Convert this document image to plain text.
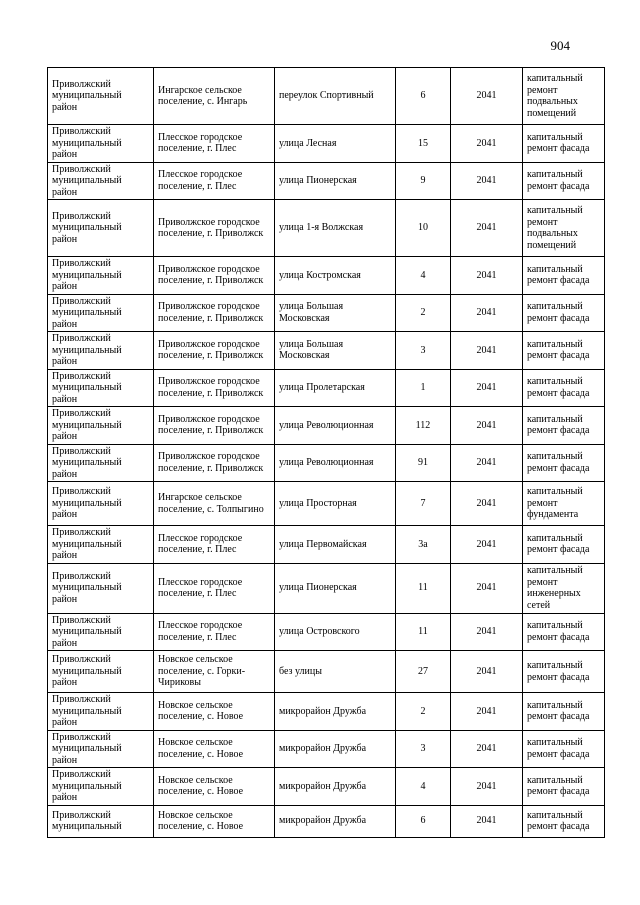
904
Приволжский муниципальный район	Ингарское сельское поселение, с. Ингарь	переулок Спортивный	6	2041	капитальный ремонт подвальных помещений
Приволжский муниципальный район	Плесское городское поселение, г. Плес	улица Лесная	15	2041	капитальный ремонт фасада
Приволжский муниципальный район	Плесское городское поселение, г. Плес	улица Пионерская	9	2041	капитальный ремонт фасада
Приволжский муниципальный район	Приволжское городское поселение, г. Приволжск	улица 1-я Волжская	10	2041	капитальный ремонт подвальных помещений
Приволжский муниципальный район	Приволжское городское поселение, г. Приволжск	улица Костромская	4	2041	капитальный ремонт фасада
Приволжский муниципальный район	Приволжское городское поселение, г. Приволжск	улица Большая Московская	2	2041	капитальный ремонт фасада
Приволжский муниципальный район	Приволжское городское поселение, г. Приволжск	улица Большая Московская	3	2041	капитальный ремонт фасада
Приволжский муниципальный район	Приволжское городское поселение, г. Приволжск	улица Пролетарская	1	2041	капитальный ремонт фасада
Приволжский муниципальный район	Приволжское городское поселение, г. Приволжск	улица Революционная	112	2041	капитальный ремонт фасада
Приволжский муниципальный район	Приволжское городское поселение, г. Приволжск	улица Революционная	91	2041	капитальный ремонт фасада
Приволжский муниципальный район	Ингарское сельское поселение, с. Толпыгино	улица Просторная	7	2041	капитальный ремонт фундамента
Приволжский муниципальный район	Плесское городское поселение, г. Плес	улица Первомайская	3а	2041	капитальный ремонт фасада
Приволжский муниципальный район	Плесское городское поселение, г. Плес	улица Пионерская	11	2041	капитальный ремонт инженерных сетей
Приволжский муниципальный район	Плесское городское поселение, г. Плес	улица Островского	11	2041	капитальный ремонт фасада
Приволжский муниципальный район	Новское сельское поселение, с. Горки-Чириковы	без улицы	27	2041	капитальный ремонт фасада
Приволжский муниципальный район	Новское сельское поселение, с. Новое	микрорайон Дружба	2	2041	капитальный ремонт фасада
Приволжский муниципальный район	Новское сельское поселение, с. Новое	микрорайон Дружба	3	2041	капитальный ремонт фасада
Приволжский муниципальный район	Новское сельское поселение, с. Новое	микрорайон Дружба	4	2041	капитальный ремонт фасада
Приволжский муниципальный	Новское сельское поселение, с. Новое	микрорайон Дружба	6	2041	капитальный ремонт фасада
